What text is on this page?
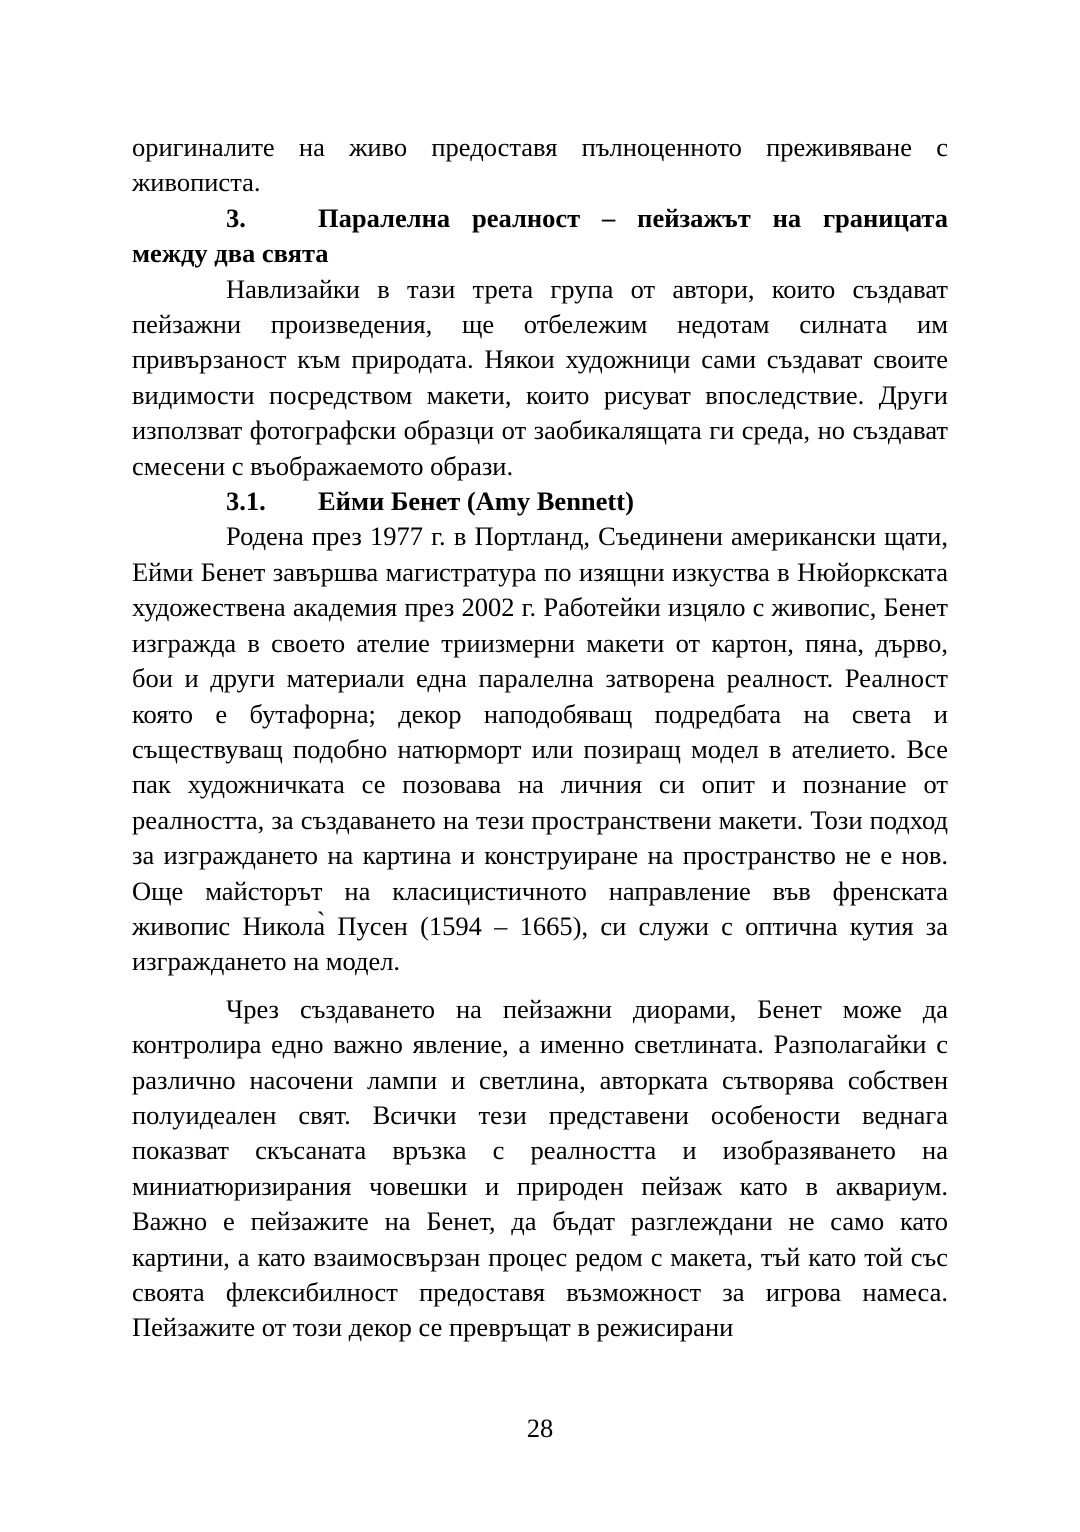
оригиналите на живо предоставя пълноценното преживяване с живописта.

3.	Паралелна реалност – пейзажът на границата между два свята

Навлизайки в тази трета група от автори, които създават пейзажни произведения, ще отбележим недотам силната им привързаност към природата. Някои художници сами създават своите видимости посредством макети, които рисуват впоследствие. Други използват фотографски образци от заобикалящата ги среда, но създават смесени с въображаемото образи.

3.1. Ейми Бенет (Amy Bennett)

Родена през 1977 г. в Портланд, Съединени американски щати, Ейми Бенет завършва магистратура по изящни изкуства в Нюйоркската художествена академия през 2002 г. Работейки изцяло с живопис, Бенет изгражда в своето ателие триизмерни макети от картон, пяна, дърво, бои и други материали една паралелна затворена реалност. Реалност която е бутафорна; декор наподобяващ подредбата на света и съществуващ подобно натюрморт или позиращ модел в ателието. Все пак художничката се позовава на личния си опит и познание от реалността, за създаването на тези пространствени макети. Този подход за изграждането на картина и конструиране на пространство не е нов. Още майсторът на класицистичното направление във френската живопис Никола̀ Пусен (1594 – 1665), си служи с оптична кутия за изграждането на модел.

Чрез създаването на пейзажни диорами, Бенет може да контролира едно важно явление, а именно светлината. Разполагайки с различно насочени лампи и светлина, авторката сътворява собствен полуидеален свят. Всички тези представени особености веднага показват скъсаната връзка с реалността и изобразяването на миниатюризирания човешки и природен пейзаж като в аквариум. Важно е пейзажите на Бенет, да бъдат разглеждани не само като картини, а като взаимосвързан процес редом с макета, тъй като той със своята флексибилност предоставя възможност за игрова намеса. Пейзажите от този декор се превръщат в режисирани

28
